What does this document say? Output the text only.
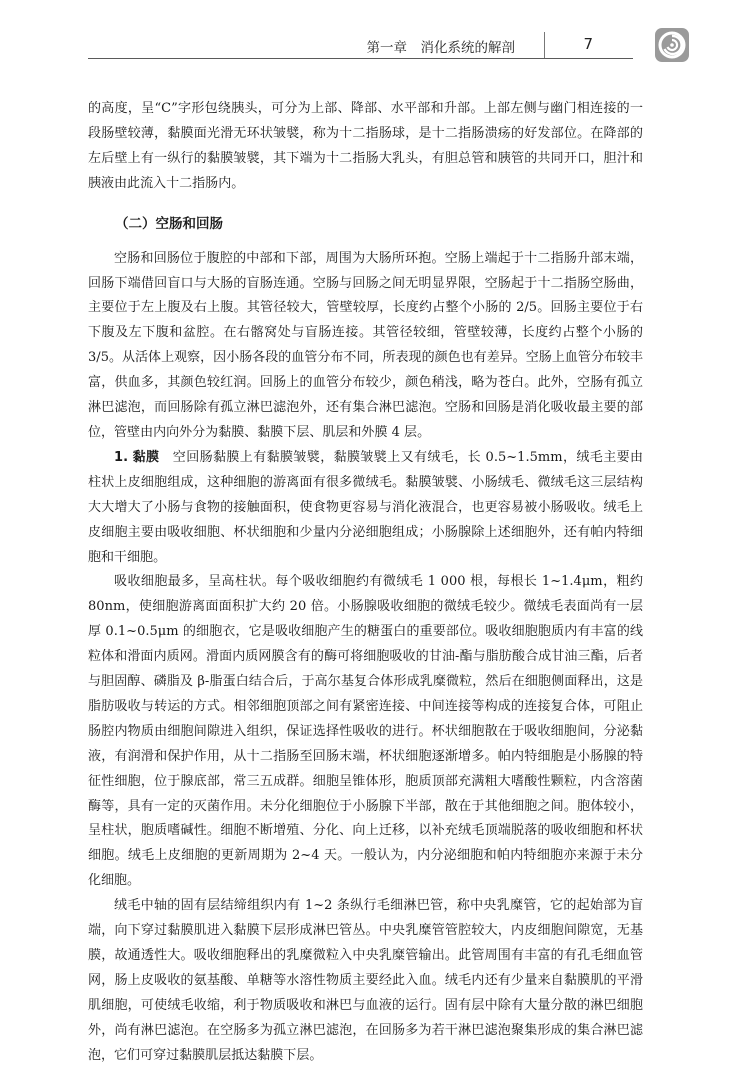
第一章　消化系统的解剖	7

的高度，呈“C”字形包绕胰头，可分为上部、降部、水平部和升部。上部左侧与幽门相连接的一段肠壁较薄，黏膜面光滑无环状皱襞，称为十二指肠球，是十二指肠溃疡的好发部位。在降部的左后壁上有一纵行的黏膜皱襞，其下端为十二指肠大乳头，有胆总管和胰管的共同开口，胆汁和胰液由此流入十二指肠内。

（二）空肠和回肠

空肠和回肠位于腹腔的中部和下部，周围为大肠所环抱。空肠上端起于十二指肠升部末端，回肠下端借回盲口与大肠的盲肠连通。空肠与回肠之间无明显界限，空肠起于十二指肠空肠曲，主要位于左上腹及右上腹。其管径较大，管壁较厚，长度约占整个小肠的 2/5。回肠主要位于右下腹及左下腹和盆腔。在右髂窝处与盲肠连接。其管径较细，管壁较薄，长度约占整个小肠的 3/5。从活体上观察，因小肠各段的血管分布不同，所表现的颜色也有差异。空肠上血管分布较丰富，供血多，其颜色较红润。回肠上的血管分布较少，颜色稍浅，略为苍白。此外，空肠有孤立淋巴滤泡，而回肠除有孤立淋巴滤泡外，还有集合淋巴滤泡。空肠和回肠是消化吸收最主要的部位，管壁由内向外分为黏膜、黏膜下层、肌层和外膜 4 层。

1. 黏膜　空回肠黏膜上有黏膜皱襞，黏膜皱襞上又有绒毛，长 0.5~1.5mm，绒毛主要由柱状上皮细胞组成，这种细胞的游离面有很多微绒毛。黏膜皱襞、小肠绒毛、微绒毛这三层结构大大增大了小肠与食物的接触面积，使食物更容易与消化液混合，也更容易被小肠吸收。绒毛上皮细胞主要由吸收细胞、杯状细胞和少量内分泌细胞组成；小肠腺除上述细胞外，还有帕内特细胞和干细胞。

吸收细胞最多，呈高柱状。每个吸收细胞约有微绒毛 1 000 根，每根长 1~1.4μm，粗约 80nm，使细胞游离面面积扩大约 20 倍。小肠腺吸收细胞的微绒毛较少。微绒毛表面尚有一层厚 0.1~0.5μm 的细胞衣，它是吸收细胞产生的糖蛋白的重要部位。吸收细胞胞质内有丰富的线粒体和滑面内质网。滑面内质网膜含有的酶可将细胞吸收的甘油-酯与脂肪酸合成甘油三酯，后者与胆固醇、磷脂及 β-脂蛋白结合后，于高尔基复合体形成乳糜微粒，然后在细胞侧面释出，这是脂肪吸收与转运的方式。相邻细胞顶部之间有紧密连接、中间连接等构成的连接复合体，可阻止肠腔内物质由细胞间隙进入组织，保证选择性吸收的进行。杯状细胞散在于吸收细胞间，分泌黏液，有润滑和保护作用，从十二指肠至回肠末端，杯状细胞逐渐增多。帕内特细胞是小肠腺的特征性细胞，位于腺底部，常三五成群。细胞呈锥体形，胞质顶部充满粗大嗜酸性颗粒，内含溶菌酶等，具有一定的灭菌作用。未分化细胞位于小肠腺下半部，散在于其他细胞之间。胞体较小，呈柱状，胞质嗜碱性。细胞不断增殖、分化、向上迁移，以补充绒毛顶端脱落的吸收细胞和杯状细胞。绒毛上皮细胞的更新周期为 2~4 天。一般认为，内分泌细胞和帕内特细胞亦来源于未分化细胞。

绒毛中轴的固有层结缔组织内有 1~2 条纵行毛细淋巴管，称中央乳糜管，它的起始部为盲端，向下穿过黏膜肌进入黏膜下层形成淋巴管丛。中央乳糜管管腔较大，内皮细胞间隙宽，无基膜，故通透性大。吸收细胞释出的乳糜微粒入中央乳糜管输出。此管周围有丰富的有孔毛细血管网，肠上皮吸收的氨基酸、单糖等水溶性物质主要经此入血。绒毛内还有少量来自黏膜肌的平滑肌细胞，可使绒毛收缩，利于物质吸收和淋巴与血液的运行。固有层中除有大量分散的淋巴细胞外，尚有淋巴滤泡。在空肠多为孤立淋巴滤泡，在回肠多为若干淋巴滤泡聚集形成的集合淋巴滤泡，它们可穿过黏膜肌层抵达黏膜下层。
